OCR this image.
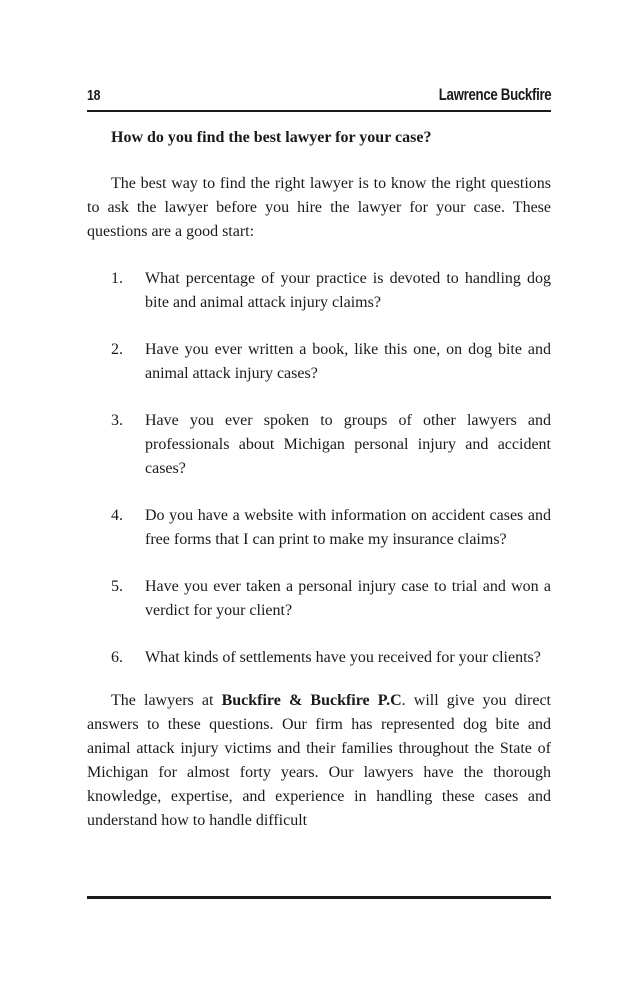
18	Lawrence Buckfire

How do you find the best lawyer for your case?

The best way to find the right lawyer is to know the right questions to ask the lawyer before you hire the lawyer for your case. These questions are a good start:

1. What percentage of your practice is devoted to handling dog bite and animal attack injury claims?
2. Have you ever written a book, like this one, on dog bite and animal attack injury cases?
3. Have you ever spoken to groups of other lawyers and professionals about Michigan personal injury and accident cases?
4. Do you have a website with information on accident cases and free forms that I can print to make my insurance claims?
5. Have you ever taken a personal injury case to trial and won a verdict for your client?
6. What kinds of settlements have you received for your clients?

The lawyers at Buckfire & Buckfire P.C. will give you direct answers to these questions. Our firm has represented dog bite and animal attack injury victims and their families throughout the State of Michigan for almost forty years. Our lawyers have the thorough knowledge, expertise, and experience in handling these cases and understand how to handle difficult
